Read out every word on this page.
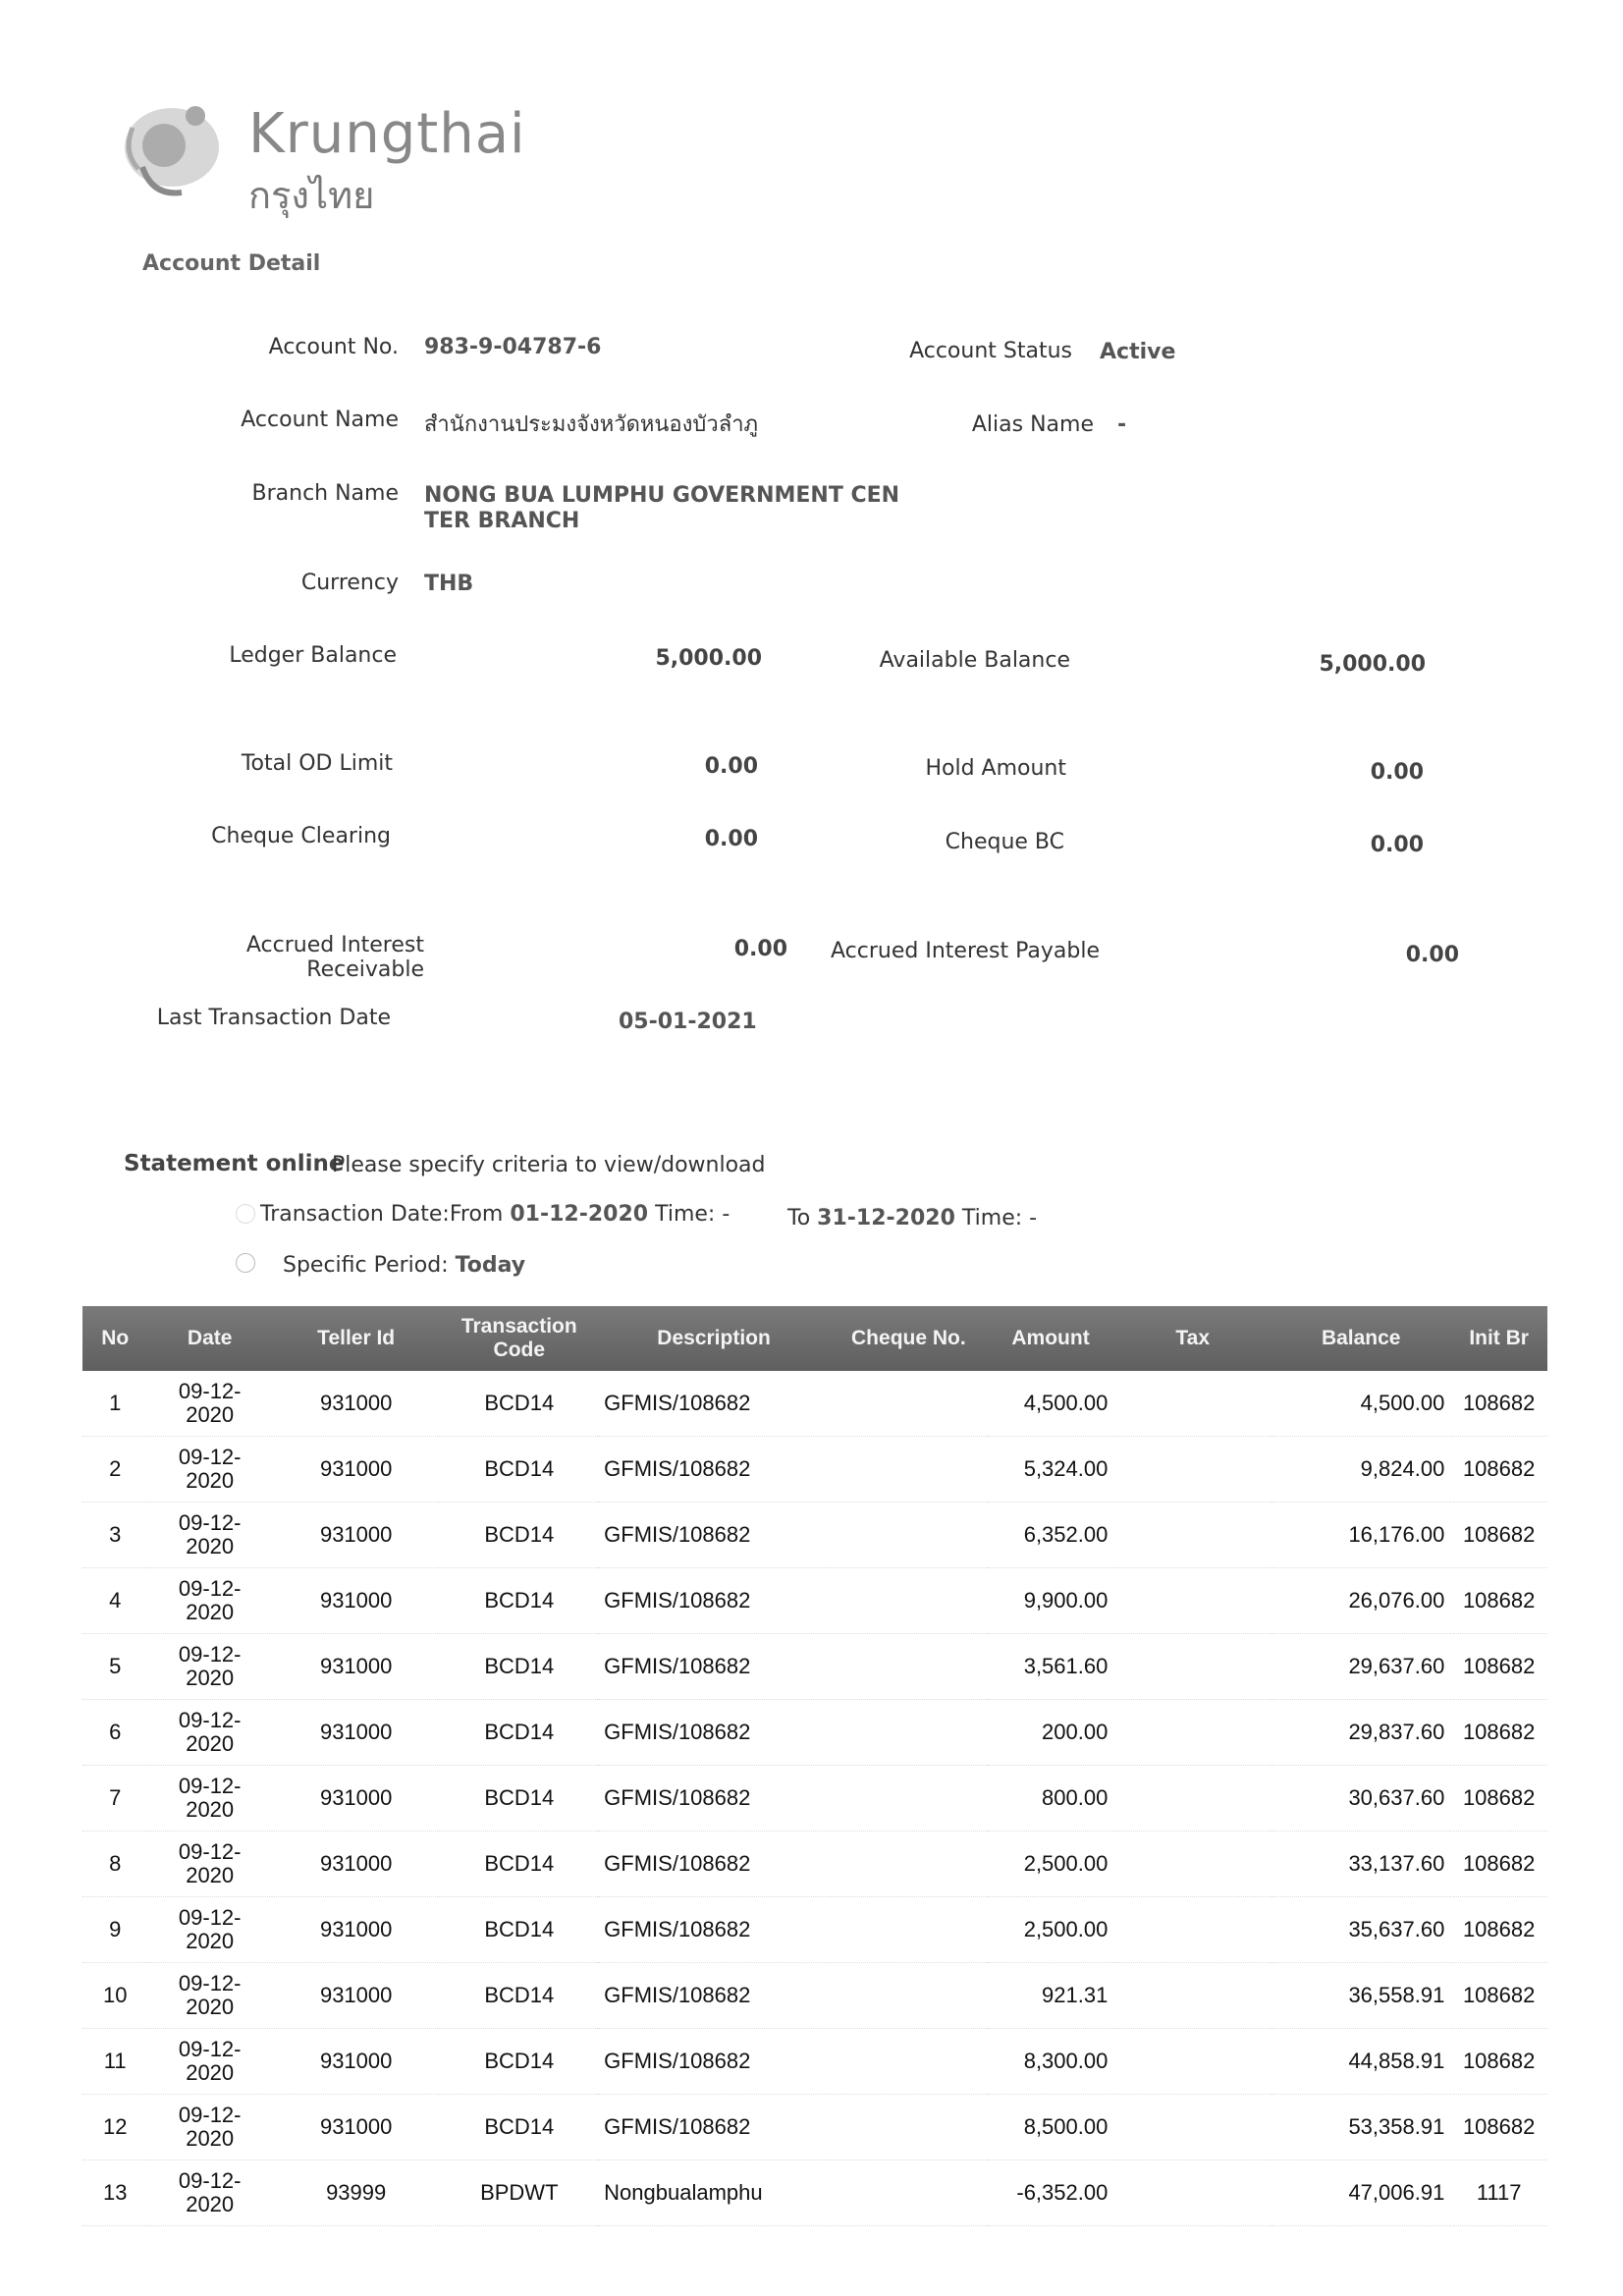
Krungthai
กรุงไทย
Account Detail
Account No. 983-9-04787-6	Account Status Active
Account Name สำนักงานประมงจังหวัดหนองบัวลำภู	Alias Name -
Branch Name NONG BUA LUMPHU GOVERNMENT CEN
TER BRANCH
Currency THB
Ledger Balance	5,000.00	Available Balance	5,000.00
Total OD Limit	0.00	Hold Amount	0.00
Cheque Clearing	0.00	Cheque BC	0.00
Accrued Interest Receivable
0.00 Accrued Interest Payable	0.00
Last Transaction Date	05-01-2021
Statement online
Please specify criteria to view/download
Transaction Date:From 01-12-2020 Time: -	To 31-12-2020 Time: -
Specific Period: Today
No	Date	Teller Id	Transaction Code	Description	Cheque No.	Amount	Tax	Balance	Init Br
1	09-12-
2020	931000	BCD14	GFMIS/108682		4,500.00		4,500.00	108682
2	09-12-
2020	931000	BCD14	GFMIS/108682		5,324.00		9,824.00	108682
3	09-12-
2020	931000	BCD14	GFMIS/108682		6,352.00		16,176.00	108682
4	09-12-
2020	931000	BCD14	GFMIS/108682		9,900.00		26,076.00	108682
5	09-12-
2020	931000	BCD14	GFMIS/108682		3,561.60		29,637.60	108682
6	09-12-
2020	931000	BCD14	GFMIS/108682		200.00		29,837.60	108682
7	09-12-
2020	931000	BCD14	GFMIS/108682		800.00		30,637.60	108682
8	09-12-
2020	931000	BCD14	GFMIS/108682		2,500.00		33,137.60	108682
9	09-12-
2020	931000	BCD14	GFMIS/108682		2,500.00		35,637.60	108682
10	09-12-
2020	931000	BCD14	GFMIS/108682		921.31		36,558.91	108682
11	09-12-
2020	931000	BCD14	GFMIS/108682		8,300.00		44,858.91	108682
12	09-12-
2020	931000	BCD14	GFMIS/108682		8,500.00		53,358.91	108682
13	09-12-
2020	93999	BPDWT	Nongbualamphu		-6,352.00		47,006.91	1117
